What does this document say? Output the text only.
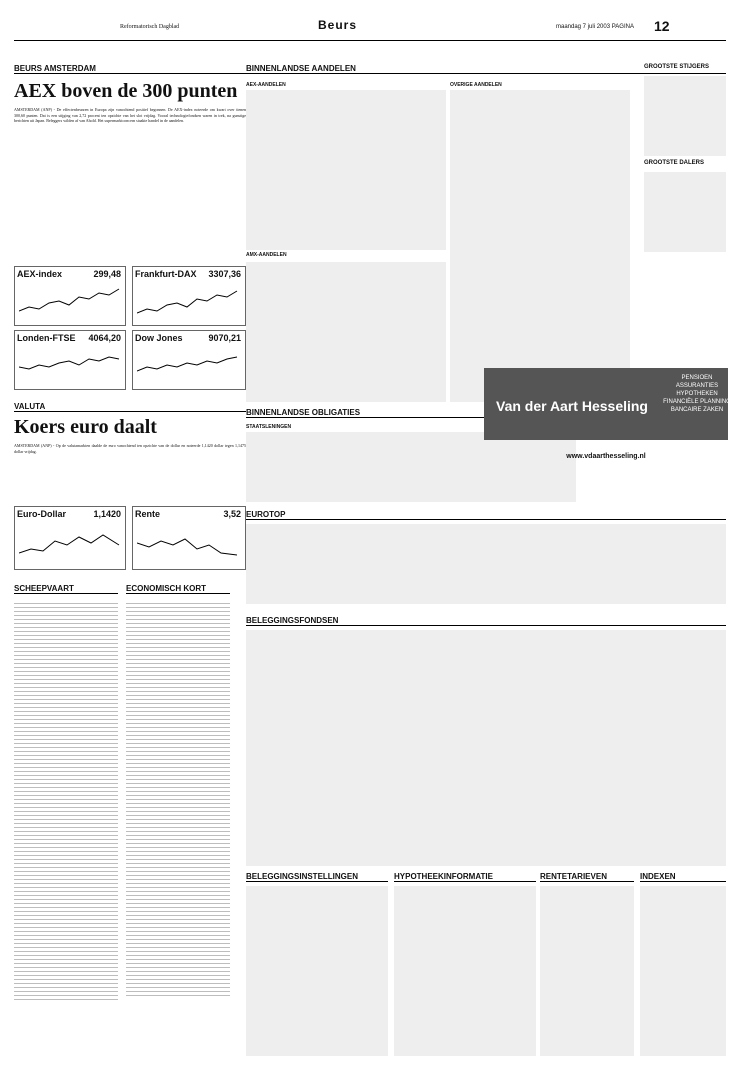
Reformatorisch Dagblad	Beurs	maandag 7 juli 2003 PAGINA 12
BEURS AMSTERDAM
AEX boven de 300 punten
AMSTERDAM (ANP) - De effectenbeurzen in Europa zijn vanochtend positief begonnen. De AEX-index noteerde om kwart over tienen 300,60 punten. Dat is een stijging van 2,72 procent ten opzichte van het slot vrijdag. Vooral technologiefondsen waren in trek, na gunstige berichten uit Japan. Beleggers wilden af van Ahold. Het supermarktconcern staakte handel in de aandelen.
AEX-index	299,48 Frankfurt-DAX	3307,36
Londen-FTSE	4064,20 Dow Jones	9070,21
VALUTA
Koers euro daalt
AMSTERDAM (ANP) - Op de valutamarkten daalde de euro vanochtend ten opzichte van de dollar en noteerde 1,1420 dollar tegen 1,1475 dollar vrijdag.
Euro-Dollar	1,1420 Rente	3,52
SCHEEPVAART	ECONOMISCH KORT
BINNENLANDSE AANDELEN
AEX-AANDELEN
AMX-AANDELEN
OVERIGE AANDELEN
GROOTSTE STIJGERS
GROOTSTE DALERS
BINNENLANDSE OBLIGATIES
STAATSLENINGEN
Van der Aart Hesseling
PENSIOEN
ASSURANTIES
HYPOTHEKEN
FINANCIËLE PLANNING
BANCAIRE ZAKEN
www.vdaarthesseling.nl
EUROTOP
BELEGGINGSFONDSEN
BELEGGINGSINSTELLINGEN	HYPOTHEEKINFORMATIE	RENTETARIEVEN	INDEXEN
